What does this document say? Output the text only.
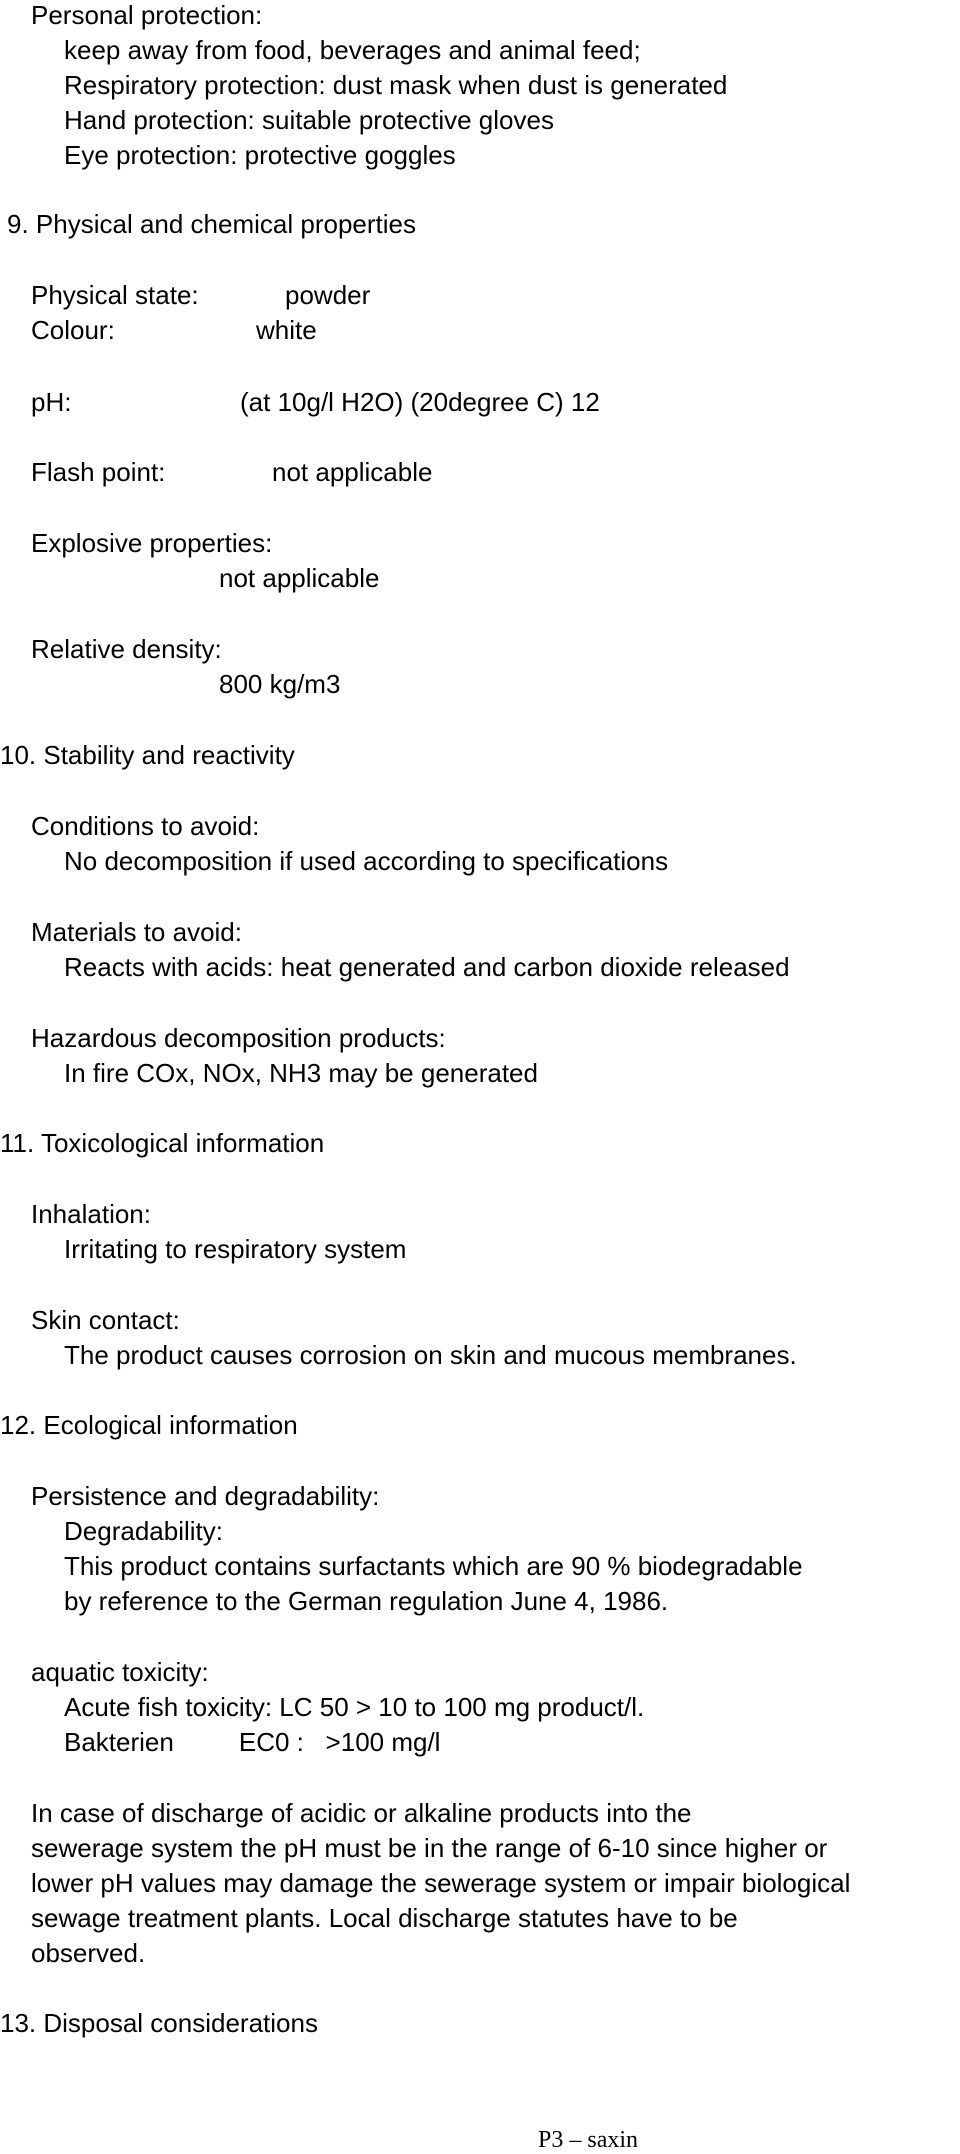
Personal protection:

keep away from food, beverages and animal feed;

Respiratory protection: dust mask when dust is generated

Hand protection: suitable protective gloves

Eye protection: protective goggles

9. Physical and chemical properties

Physical state:	powder

Colour:	white

pH:	(at 10g/l H2O) (20degree C) 12

Flash point:	not applicable

Explosive properties:

not applicable

Relative density:

800 kg/m3

10. Stability and reactivity

Conditions to avoid:

No decomposition if used according to specifications

Materials to avoid:

Reacts with acids: heat generated and carbon dioxide released

Hazardous decomposition products:

In fire COx, NOx, NH3 may be generated

11. Toxicological information

Inhalation:

Irritating to respiratory system

Skin contact:

The product causes corrosion on skin and mucous membranes.

12. Ecological information

Persistence and degradability:

Degradability:

This product contains surfactants which are 90 % biodegradable

by reference to the German regulation June 4, 1986.

aquatic toxicity:

Acute fish toxicity: LC 50 > 10 to 100 mg product/l.

Bakterien         EC0 :   >100 mg/l

In case of discharge of acidic or alkaline products into the

sewerage system the pH must be in the range of 6-10 since higher or

lower pH values may damage the sewerage system or impair biological

sewage treatment plants. Local discharge statutes have to be

observed.

13. Disposal considerations

P3 – saxin
